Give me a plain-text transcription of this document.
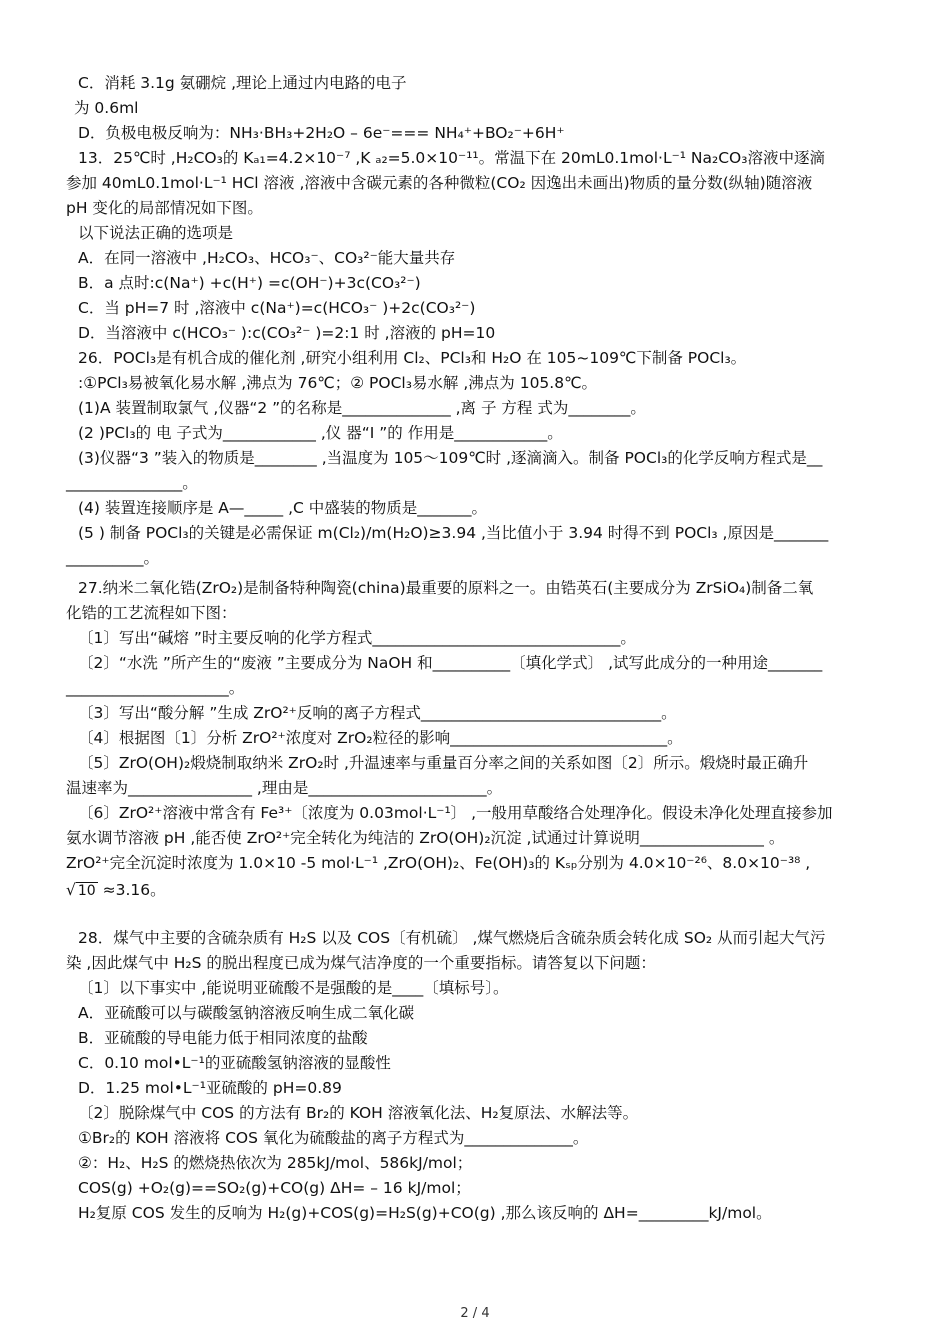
C．消耗 3.1g 氨硼烷 ,理论上通过内电路的电子
为 0.6ml
D．负极电极反响为：NH₃·BH₃+2H₂O – 6e⁻=== NH₄⁺+BO₂⁻+6H⁺
13．25℃时 ,H₂CO₃的 Kₐ₁=4.2×10⁻⁷ ,K ₐ₂=5.0×10⁻¹¹。常温下在 20mL0.1mol·L⁻¹ Na₂CO₃溶液中逐滴
参加 40mL0.1mol·L⁻¹ HCl 溶液 ,溶液中含碳元素的各种微粒(CO₂ 因逸出未画出)物质的量分数(纵轴)随溶液
pH 变化的局部情况如下图。
以下说法正确的选项是
A．在同一溶液中 ,H₂CO₃、HCO₃⁻、CO₃²⁻能大量共存
B．a 点时:c(Na⁺) +c(H⁺) =c(OH⁻)+3c(CO₃²⁻)
C．当 pH=7 时 ,溶液中 c(Na⁺)=c(HCO₃⁻ )+2c(CO₃²⁻)
D．当溶液中 c(HCO₃⁻ ):c(CO₃²⁻ )=2:1 时 ,溶液的 pH=10
26．POCl₃是有机合成的催化剂 ,研究小组利用 Cl₂、PCl₃和 H₂O 在 105~109℃下制备 POCl₃。
:①PCl₃易被氧化易水解 ,沸点为 76℃；② POCl₃易水解 ,沸点为 105.8℃。
(1)A 装置制取氯气 ,仪器“2 ”的名称是______________ ,离 子 方程 式为________。
(2 )PCl₃的 电 子式为____________ ,仪 器“I ”的 作用是____________。
(3)仪器“3 ”装入的物质是________ ,当温度为 105～109℃时 ,逐滴滴入。制备 POCl₃的化学反响方程式是__
_______________。
(4) 装置连接顺序是 A—_____ ,C 中盛装的物质是_______。
(5 ) 制备 POCl₃的关键是必需保证 m(Cl₂)/m(H₂O)≥3.94 ,当比值小于 3.94 时得不到 POCl₃ ,原因是_______
__________。
27.纳米二氧化锆(ZrO₂)是制备特种陶瓷(china)最重要的原料之一。由锆英石(主要成分为 ZrSiO₄)制备二氧
化锆的工艺流程如下图：
〔1〕写出“碱熔 ”时主要反响的化学方程式________________________________。
〔2〕“水洗 ”所产生的“废液 ”主要成分为 NaOH 和__________〔填化学式〕 ,试写此成分的一种用途_______
_____________________。
〔3〕写出“酸分解 ”生成 ZrO²⁺反响的离子方程式_______________________________。
〔4〕根据图〔1〕分析 ZrO²⁺浓度对 ZrO₂粒径的影响____________________________。
〔5〕ZrO(OH)₂煅烧制取纳米 ZrO₂时 ,升温速率与重量百分率之间的关系如图〔2〕所示。煅烧时最正确升
温速率为________________ ,理由是_______________________。
〔6〕ZrO²⁺溶液中常含有 Fe³⁺〔浓度为 0.03mol·L⁻¹〕 ,一般用草酸络合处理净化。假设未净化处理直接参加
氨水调节溶液 pH ,能否使 ZrO²⁺完全转化为纯洁的 ZrO(OH)₂沉淀 ,试通过计算说明________________ 。
ZrO²⁺完全沉淀时浓度为 1.0×10 -5 mol·L⁻¹ ,ZrO(OH)₂、Fe(OH)₃的 Kₛₚ分别为 4.0×10⁻²⁶、8.0×10⁻³⁸ ,
√ 10 ≈3.16。
28．煤气中主要的含硫杂质有 H₂S 以及 COS〔有机硫〕 ,煤气燃烧后含硫杂质会转化成 SO₂ 从而引起大气污
染 ,因此煤气中 H₂S 的脱出程度已成为煤气洁净度的一个重要指标。请答复以下问题：
〔1〕以下事实中 ,能说明亚硫酸不是强酸的是____〔填标号〕。
A．亚硫酸可以与碳酸氢钠溶液反响生成二氧化碳
B．亚硫酸的导电能力低于相同浓度的盐酸
C．0.10 mol•L⁻¹的亚硫酸氢钠溶液的显酸性
D．1.25 mol•L⁻¹亚硫酸的 pH=0.89
〔2〕脱除煤气中 COS 的方法有 Br₂的 KOH 溶液氧化法、H₂复原法、水解法等。
①Br₂的 KOH 溶液将 COS 氧化为硫酸盐的离子方程式为______________。
②：H₂、H₂S 的燃烧热依次为 285kJ/mol、586kJ/mol；
COS(g) +O₂(g)==SO₂(g)+CO(g) ΔH= – 16 kJ/mol；
H₂复原 COS 发生的反响为 H₂(g)+COS(g)=H₂S(g)+CO(g) ,那么该反响的 ΔH=_________kJ/mol。
2 / 4
